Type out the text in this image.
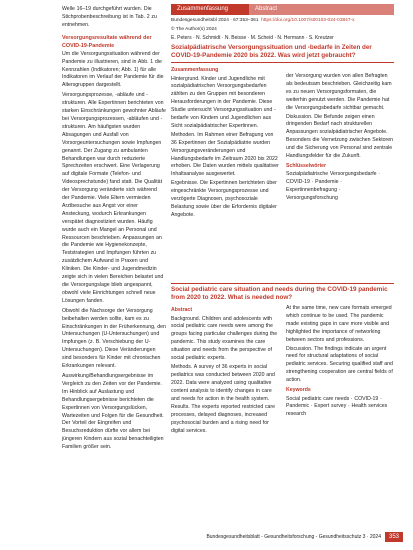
Welle 16–19 durchgeführt wurden. Die Stichprobenbeschreibung ist in Tab. 2 zu entnehmen.

Versorgungsresultate während der COVID-19-Pandemie

Um die Versorgungssituation während der Pandemie zu illustrieren, sind in Abb. 1 die Kennzahlen (Indikatoren; Abb. 1) für alle Indikatoren im Verlauf der Pandemie für die Altersgruppen dargestellt.

Versorgungsprozesse, -abläufe und -strukturen. Alle Expertinnen berichteten von starken Einschränkungen gewohnter Abläufe bei Versorgungsprozessen, -abläufen und -strukturen. Am häufigsten wurden Absagungen und Ausfall von Vorsorgeuntersuchungen sowie Impfungen genannt. Der Zugang zu ambulanten Behandlungen war durch reduzierte Sprechzeiten erschwert. Eine Verlagerung auf digitale Formate (Telefon- und Videosprechstunde) fand statt. Die Qualität der Versorgung veränderte sich während der Pandemie. Viele Eltern vermieden Arztbesuche aus Angst vor einer Ansteckung, wodurch Erkrankungen verspätet diagnostiziert wurden. Häufig wurde auch ein Mangel an Personal und Ressourcen beschrieben. Anpassungen an die Pandemie wie Hygienekonzepte, Teststrategien und Impfungen führten zu zusätzlichem Aufwand in Praxen und Kliniken. Die Kinder- und Jugendmedizin zeigte sich in vielen Bereichen belastet und die Versorgungslage blieb angespannt, obwohl viele Einrichtungen schnell neue Lösungen fanden.

Obwohl die Nachsorge der Versorgung beibehalten werden sollte, kam es zu Einschränkungen in der Früherkennung, den Untersuchungen (U-Untersuchungen) und Impfungen (z. B. Verschiebung der U-Untersuchungen). Diese Veränderungen sind besonders für Kinder mit chronischen Erkrankungen relevant.

Auswirkung/Behandlungsergebnisse im Vergleich zu den Zeiten vor der Pandemie. Im Hinblick auf Auslastung und Behandlungsergebnisse berichteten die Expertinnen von Versorgungslücken, Wartezeiten und Folgen für die Gesundheit. Der Vorteil der Eingreifen und Besuchsreduktion dürfte vor allem bei jüngeren Kindern aus sozial benachteiligten Familien größer sein.

Zusammenfassung	Abstract
Bundesgesundheitsbl 2024 · 67:353–361 https://doi.org/10.1007/s00103-024-03847-x
© The Author(s) 2024
E. Peters · N. Schmidt · N. Beisse · M. Scheid · N. Hermann · S. Kreutzer
Sozialpädiatrische Versorgungssituation und -bedarfe in Zeiten der COVID-19-Pandemie 2020 bis 2022. Was wird jetzt gebraucht?

Zusammenfassung

Hintergrund. Kinder und Jugendliche mit sozialpädiatrischen Versorgungsbedarfen zählten zu den Gruppen mit besonderen Herausforderungen in der Pandemie. Diese Studie untersucht Versorgungssituation und -bedarfe von Kindern und Jugendlichen aus Sicht sozialpädiatrischer Expertinnen.

Methoden. Im Rahmen einer Befragung von 36 Expertinnen der Sozialpädiatrie wurden Versorgungsveränderungen und Handlungsbedarfe im Zeitraum 2020 bis 2022 erhoben. Die Daten wurden mittels qualitativer Inhaltsanalyse ausgewertet.

Ergebnisse. Die Expertinnen berichteten über eingeschränkte Versorgungsprozesse und verzögerte Diagnosen, psychosoziale Belastung sowie über die Erfordernis digitaler Angebote.

der Versorgung wurden von allen Befragten als bedeutsam beschrieben. Gleichzeitig kam es zu neuen Versorgungsformaten, die weiterhin genutzt werden. Die Pandemie hat die Versorgungsbedarfe sichtbar gemacht.

Diskussion. Die Befunde zeigen einen dringenden Bedarf nach strukturellen Anpassungen sozialpädiatrischer Angebote. Besonders die Vernetzung zwischen Sektoren und die Sicherung von Personal sind zentrale Handlungsfelder für die Zukunft.

Schlüsselwörter

Sozialpädiatrische Versorgungsbedarfe · COVID-19 · Pandemie · Expertinnenbefragung · Versorgungsforschung

Social pediatric care situation and needs during the COVID-19 pandemic from 2020 to 2022. What is needed now?

Abstract

Background. Children and adolescents with social pediatric care needs were among the groups facing particular challenges during the pandemic. This study examines the care situation and needs from the perspective of social pediatric experts.

Methods. A survey of 36 experts in social pediatrics was conducted between 2020 and 2022. Data were analyzed using qualitative content analysis to identify changes in care and needs for action in the health system.

Results. The experts reported restricted care processes, delayed diagnoses, increased psychosocial burden and a rising need for digital services.

At the same time, new care formats emerged which continue to be used. The pandemic made existing gaps in care more visible and highlighted the importance of networking between sectors and professions.

Discussion. The findings indicate an urgent need for structural adaptations of social pediatric services. Securing qualified staff and strengthening cooperation are central fields of action.

Keywords

Social pediatric care needs · COVID-19 · Pandemic · Expert survey · Health services research

Bundesgesundheitsblatt - Gesundheitsforschung - Gesundheitsschutz 3 · 2024	353
